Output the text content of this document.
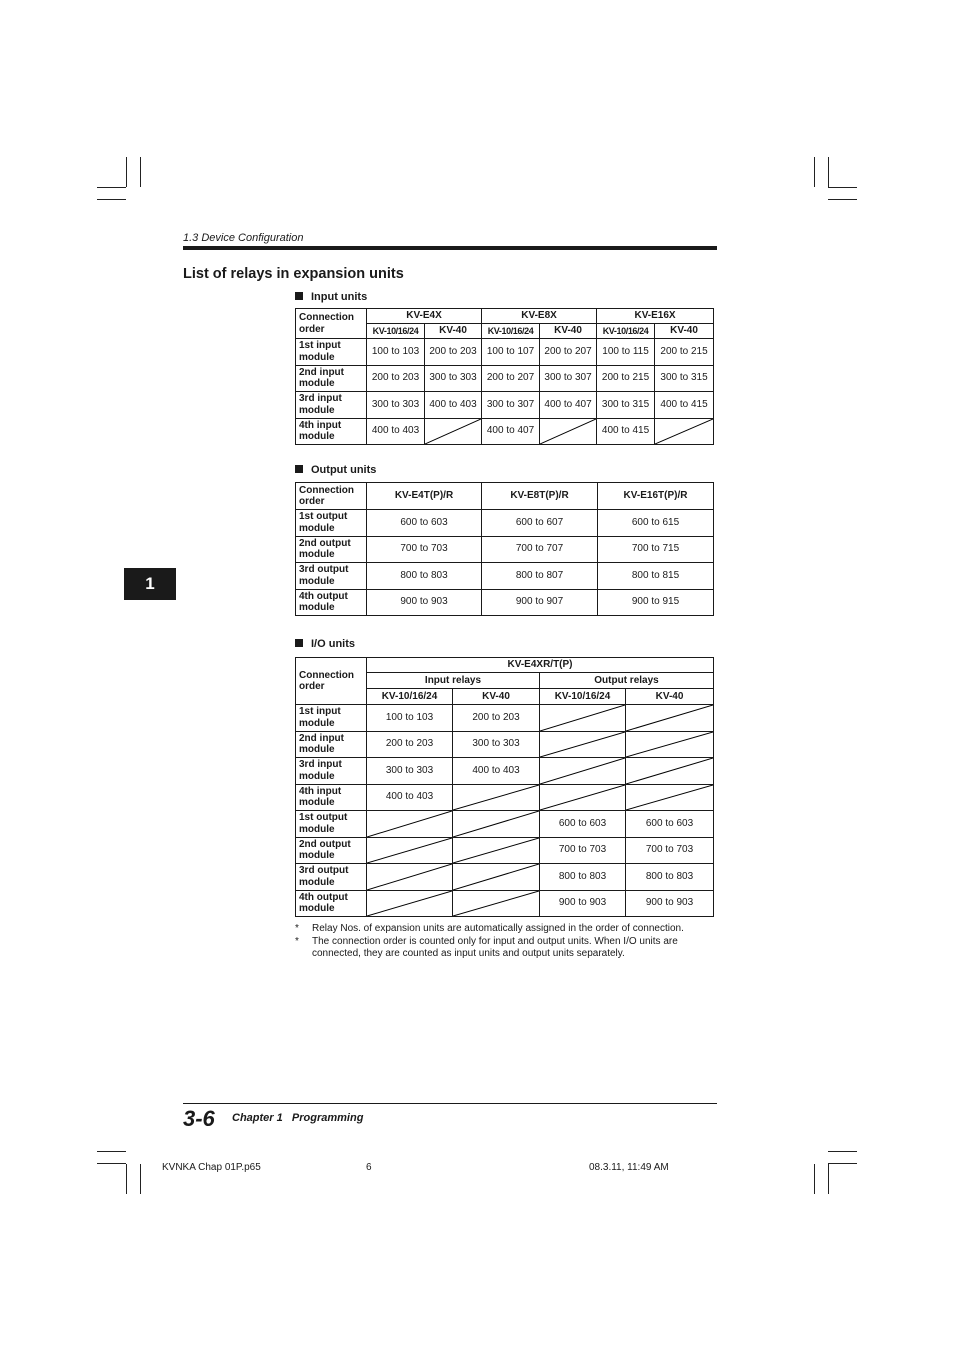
1.3 Device Configuration
List of relays in expansion units
1
Input units
Connection order	KV-E4X		KV-E8X		KV-E16X	
	KV-10/16/24	KV-40	KV-10/16/24	KV-40	KV-10/16/24	KV-40
1st input module	100 to 103	200 to 203	100 to 107	200 to 207	100 to 115	200 to 215
2nd input module	200 to 203	300 to 303	200 to 207	300 to 307	200 to 215	300 to 315
3rd input module	300 to 303	400 to 403	300 to 307	400 to 407	300 to 315	400 to 415
4th input module	400 to 403		400 to 407		400 to 415	
Output units
Connection order	KV-E4T(P)/R	KV-E8T(P)/R	KV-E16T(P)/R
1st output module	600 to 603	600 to 607	600 to 615
2nd output module	700 to 703	700 to 707	700 to 715
3rd output module	800 to 803	800 to 807	800 to 815
4th output module	900 to 903	900 to 907	900 to 915
I/O units
Connection order	KV-E4XR/T(P)			
	Input relays		Output relays	
	KV-10/16/24	KV-40	KV-10/16/24	KV-40
1st input module	100 to 103	200 to 203		
2nd input module	200 to 203	300 to 303		
3rd input module	300 to 303	400 to 403		
4th input module	400 to 403			
1st output module			600 to 603	600 to 603
2nd output module			700 to 703	700 to 703
3rd output module			800 to 803	800 to 803
4th output module			900 to 903	900 to 903
* Relay Nos. of expansion units are automatically assigned in the order of connection.
* The connection order is counted only for input and output units. When I/O units are connected, they are counted as input units and output units separately.
3-6 Chapter 1   Programming
KVNKA Chap 01P.p65	6	08.3.11, 11:49 AM
